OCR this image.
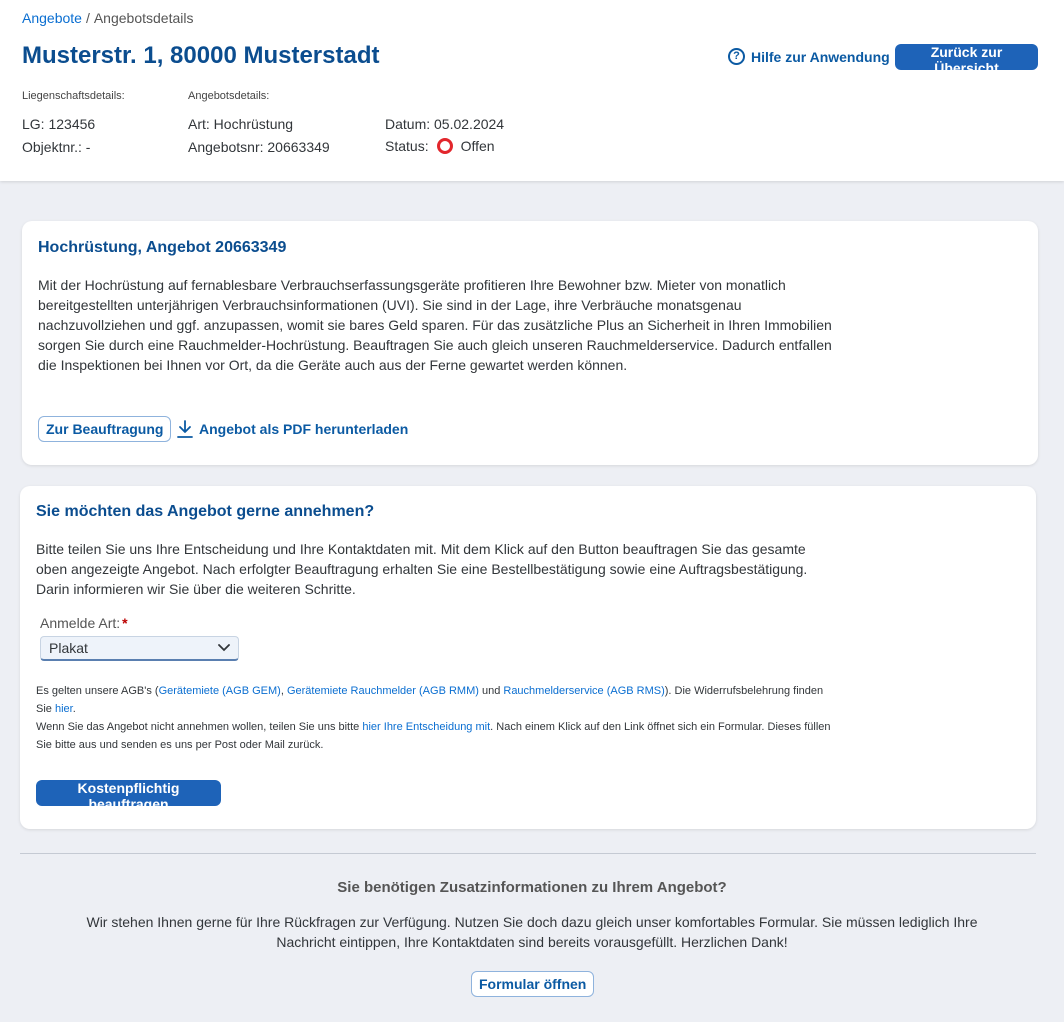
Angebote / Angebotsdetails
Musterstr. 1, 80000 Musterstadt	? Hilfe zur Anwendung	Zurück zur Übersicht
Liegenschaftsdetails:	Angebotsdetails:
LG: 123456
Objektnr.: -
Art: Hochrüstung
Angebotsnr: 20663349
Datum: 05.02.2024
Status: Offen
Hochrüstung, Angebot 20663349
Mit der Hochrüstung auf fernablesbare Verbrauchserfassungsgeräte profitieren Ihre Bewohner bzw. Mieter von monatlich bereitgestellten unterjährigen Verbrauchsinformationen (UVI). Sie sind in der Lage, ihre Verbräuche monatsgenau nachzuvollziehen und ggf. anzupassen, womit sie bares Geld sparen. Für das zusätzliche Plus an Sicherheit in Ihren Immobilien sorgen Sie durch eine Rauchmelder-Hochrüstung. Beauftragen Sie auch gleich unseren Rauchmelderservice. Dadurch entfallen die Inspektionen bei Ihnen vor Ort, da die Geräte auch aus der Ferne gewartet werden können.
Zur Beauftragung	Angebot als PDF herunterladen
Sie möchten das Angebot gerne annehmen?
Bitte teilen Sie uns Ihre Entscheidung und Ihre Kontaktdaten mit. Mit dem Klick auf den Button beauftragen Sie das gesamte oben angezeigte Angebot. Nach erfolgter Beauftragung erhalten Sie eine Bestellbestätigung sowie eine Auftragsbestätigung. Darin informieren wir Sie über die weiteren Schritte.
Anmelde Art: *
Plakat
Es gelten unsere AGB's (Gerätemiete (AGB GEM), Gerätemiete Rauchmelder (AGB RMM) und Rauchmelderservice (AGB RMS)). Die Widerrufsbelehrung finden Sie hier.
Wenn Sie das Angebot nicht annehmen wollen, teilen Sie uns bitte hier Ihre Entscheidung mit. Nach einem Klick auf den Link öffnet sich ein Formular. Dieses füllen Sie bitte aus und senden es uns per Post oder Mail zurück.
Kostenpflichtig beauftragen
Sie benötigen Zusatzinformationen zu Ihrem Angebot?
Wir stehen Ihnen gerne für Ihre Rückfragen zur Verfügung. Nutzen Sie doch dazu gleich unser komfortables Formular. Sie müssen lediglich Ihre Nachricht eintippen, Ihre Kontaktdaten sind bereits vorausgefüllt. Herzlichen Dank!
Formular öffnen
